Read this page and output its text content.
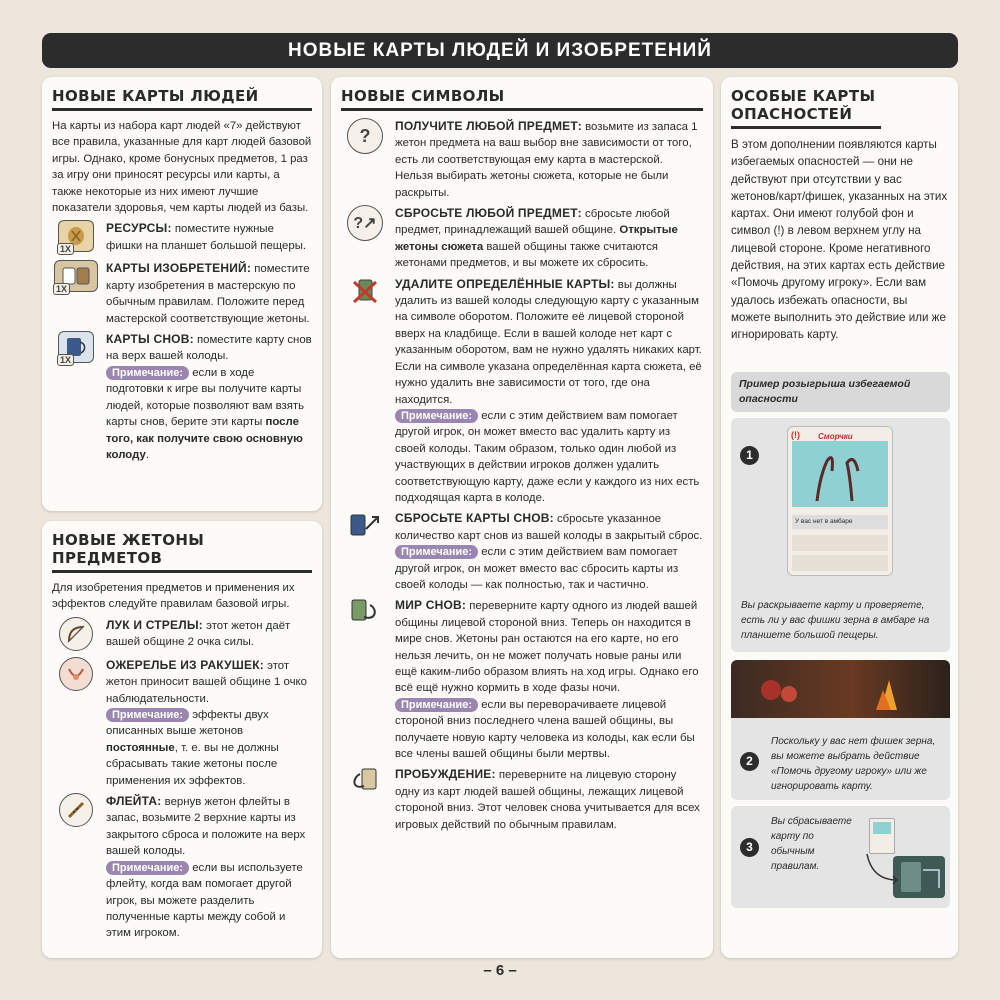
НОВЫЕ КАРТЫ ЛЮДЕЙ И ИЗОБРЕТЕНИЙ
НОВЫЕ КАРТЫ ЛЮДЕЙ

На карты из набора карт людей «7» действуют все правила, указанные для карт людей базовой игры. Однако, кроме бонусных предметов, 1 раз за игру они приносят ресурсы или карты, а также некоторые из них имеют лучшие показатели здоровья, чем карты людей из базы.

1X
РЕСУРСЫ: поместите нужные фишки на планшет большой пещеры.
1X
КАРТЫ ИЗОБРЕТЕНИЙ: поместите карту изобретения в мастерскую по обычным правилам. Положите перед мастерской соответствующие жетоны.
1X
КАРТЫ СНОВ: поместите карту снов на верх вашей колоды.
Примечание: если в ходе подготовки к игре вы получите карты людей, которые позволяют вам взять карты снов, берите эти карты после того, как получите свою основную колоду.
НОВЫЕ ЖЕТОНЫ ПРЕДМЕТОВ

Для изобретения предметов и применения их эффектов следуйте правилам базовой игры.

ЛУК И СТРЕЛЫ: этот жетон даёт вашей общине 2 очка силы.
ОЖЕРЕЛЬЕ ИЗ РАКУШЕК: этот жетон приносит вашей общине 1 очко наблюдательности.
Примечание: эффекты двух описанных выше жетонов постоянные, т. е. вы не должны сбрасывать такие жетоны после применения их эффектов.
ФЛЕЙТА: вернув жетон флейты в запас, возьмите 2 верхние карты из закрытого сброса и положите на верх вашей колоды.
Примечание: если вы используете флейту, когда вам помогает другой игрок, вы можете разделить полученные карты между собой и этим игроком.
НОВЫЕ СИМВОЛЫ
?	ПОЛУЧИТЕ ЛЮБОЙ ПРЕДМЕТ: возьмите из запаса 1 жетон предмета на ваш выбор вне зависимости от того, есть ли соответствующая ему карта в мастерской. Нельзя выбирать жетоны сюжета, которые не были раскрыты.
?↗
СБРОСЬТЕ ЛЮБОЙ ПРЕДМЕТ: сбросьте любой предмет, принадлежащий вашей общине. Открытые жетоны сюжета вашей общины также считаются жетонами предметов, и вы можете их сбросить.
УДАЛИТЕ ОПРЕДЕЛЁННЫЕ КАРТЫ: вы должны удалить из вашей колоды следующую карту с указанным на символе оборотом. Положите её лицевой стороной вверх на кладбище. Если в вашей колоде нет карт с указанным оборотом, вам не нужно удалять никаких карт. Если на символе указана определённая карта сюжета, её нужно удалить вне зависимости от того, где она находится.
Примечание: если с этим действием вам помогает другой игрок, он может вместо вас удалить карту из своей колоды. Таким образом, только один любой из участвующих в действии игроков должен удалить соответствующую карту, даже если у каждого из них есть подходящая карта в колоде.
СБРОСЬТЕ КАРТЫ СНОВ: сбросьте указанное количество карт снов из вашей колоды в закрытый сброс.
Примечание: если с этим действием вам помогает другой игрок, он может вместо вас сбросить карты из своей колоды — как полностью, так и частично.
МИР СНОВ: переверните карту одного из людей вашей общины лицевой стороной вниз. Теперь он находится в мире снов. Жетоны ран остаются на его карте, но его нельзя лечить, он не может получать новые раны или ещё каким-либо образом влиять на ход игры. Однако его всё ещё нужно кормить в ходе фазы ночи.
Примечание: если вы переворачиваете лицевой стороной вниз последнего члена вашей общины, вы получаете новую карту человека из колоды, как если бы все члены вашей общины были мертвы.
ПРОБУЖДЕНИЕ: переверните на лицевую сторону одну из карт людей вашей общины, лежащих лицевой стороной вниз. Этот человек снова учитывается для всех игровых действий по обычным правилам.
ОСОБЫЕ КАРТЫ ОПАСНОСТЕЙ

В этом дополнении появляются карты избегаемых опасностей — они не действуют при отсутствии у вас жетонов/карт/фишек, указанных на этих картах. Они имеют голубой фон и символ (!) в левом верхнем углу на лицевой стороне. Кроме негативного действия, на этих картах есть действие «Помочь другому игроку». Если вам удалось избежать опасности, вы можете выполнить это действие или же игнорировать карту.

Пример розыгрыша избегаемой опасности
1
Сморчки
(!)
У вас нет в амбаре
Вы раскрываете карту и проверяете, есть ли у вас фишки зерна в амбаре на планшете большой пещеры.
2
Поскольку у вас нет фишек зерна, вы можете выбрать действие «Помочь другому игроку» или же игнорировать карту.
3
Вы сбрасываете карту по обычным правилам.
– 6 –
